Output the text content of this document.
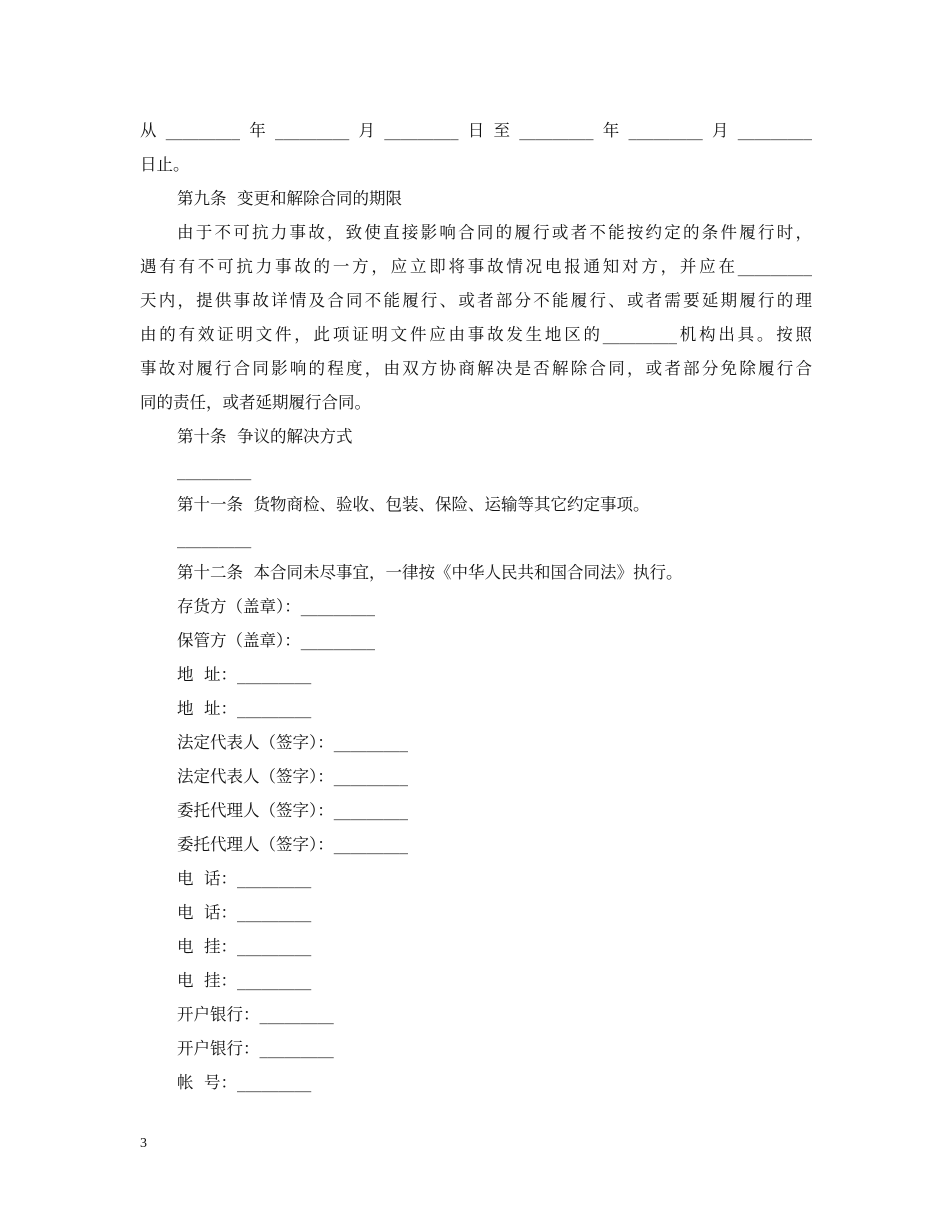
从_________年_________月_________日至_________年_________月_________
日止。
第九条  变更和解除合同的期限
由于不可抗力事故，致使直接影响合同的履行或者不能按约定的条件履行时，
遇有有不可抗力事故的一方，应立即将事故情况电报通知对方，并应在_________
天内，提供事故详情及合同不能履行、或者部分不能履行、或者需要延期履行的理
由的有效证明文件，此项证明文件应由事故发生地区的_________机构出具。按照
事故对履行合同影响的程度，由双方协商解决是否解除合同，或者部分免除履行合
同的责任，或者延期履行合同。
第十条  争议的解决方式
_________
第十一条  货物商检、验收、包装、保险、运输等其它约定事项。
_________
第十二条  本合同未尽事宜，一律按《中华人民共和国合同法》执行。
存货方（盖章）：_________
保管方（盖章）：_________
地  址：_________
地  址：_________
法定代表人（签字）：_________
法定代表人（签字）：_________
委托代理人（签字）：_________
委托代理人（签字）：_________
电  话：_________
电  话：_________
电  挂：_________
电  挂：_________
开户银行：_________
开户银行：_________
帐  号：_________
3
